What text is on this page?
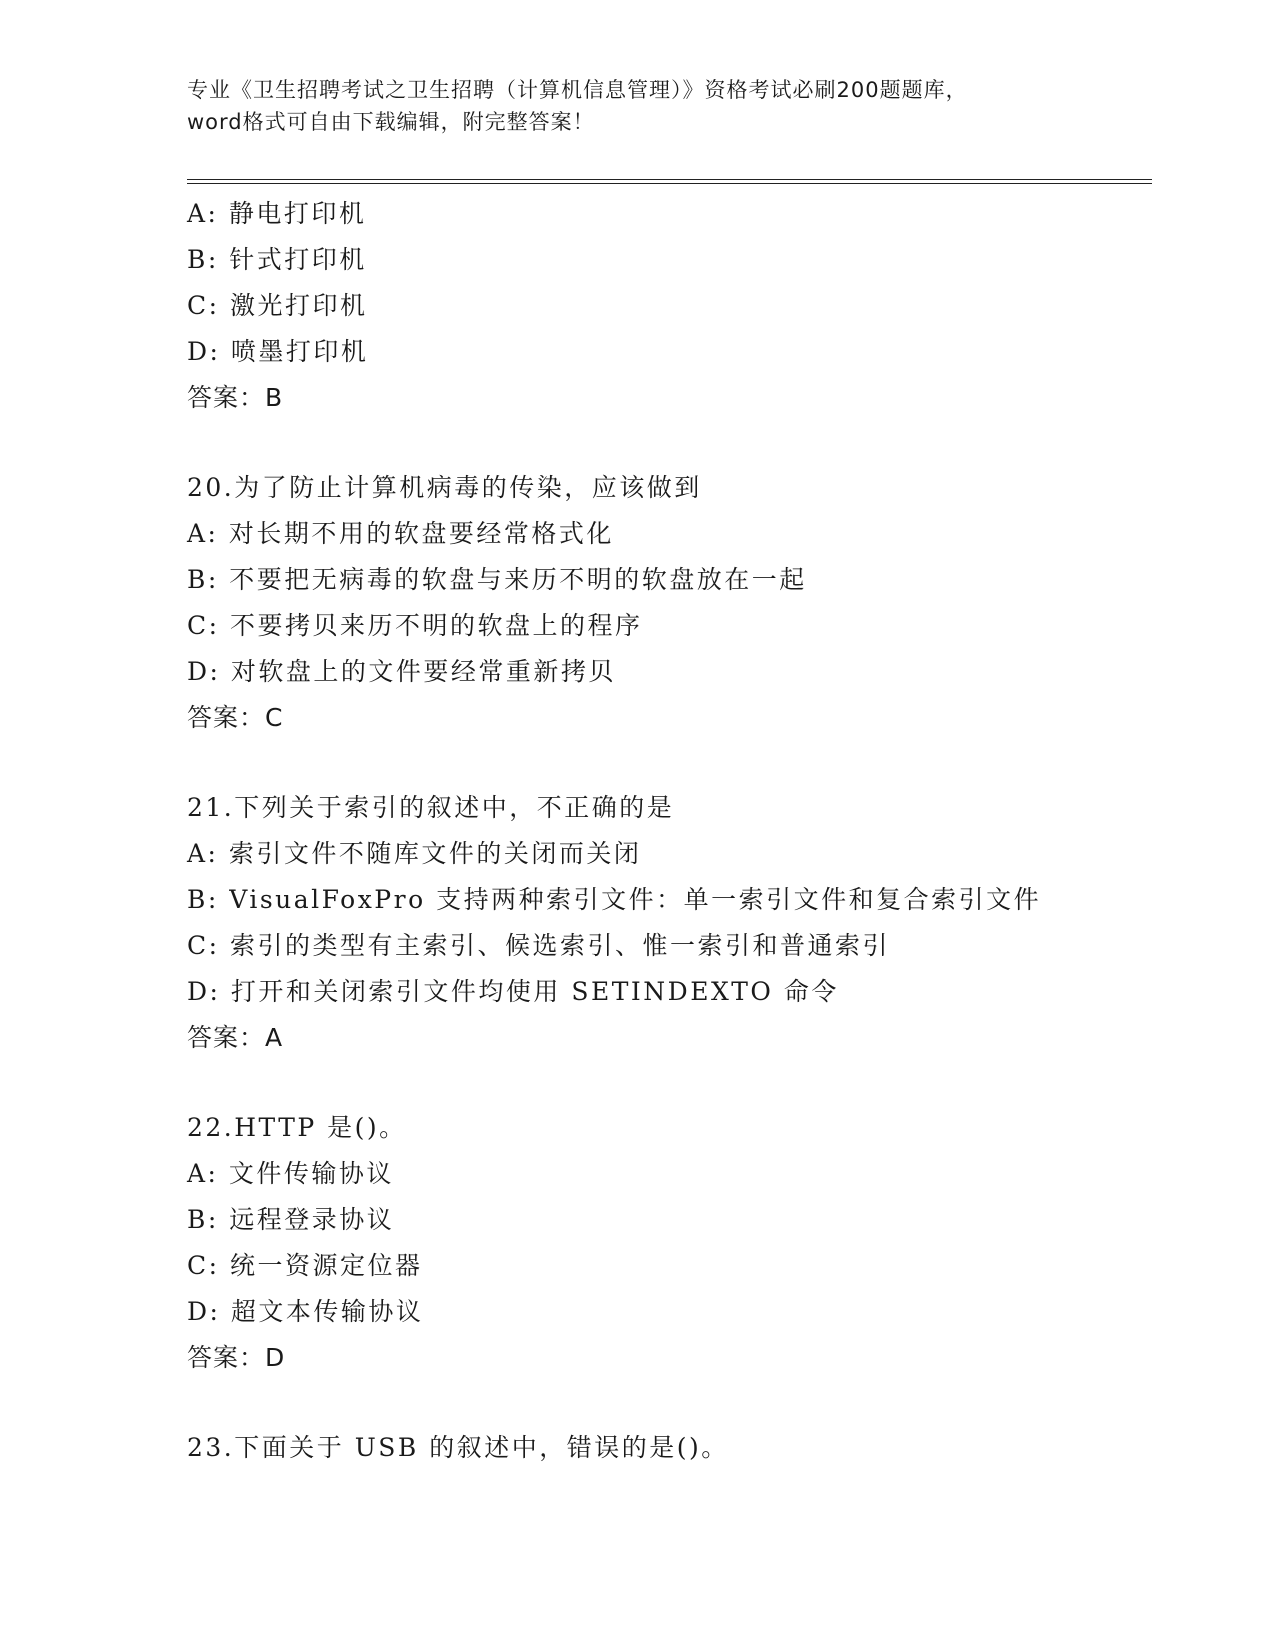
专业《卫生招聘考试之卫生招聘（计算机信息管理）》资格考试必刷200题题库，
word格式可自由下载编辑，附完整答案！
A: 静电打印机
B: 针式打印机
C: 激光打印机
D: 喷墨打印机
答案：B
20.为了防止计算机病毒的传染，应该做到
A: 对长期不用的软盘要经常格式化
B: 不要把无病毒的软盘与来历不明的软盘放在一起
C: 不要拷贝来历不明的软盘上的程序
D: 对软盘上的文件要经常重新拷贝
答案：C
21.下列关于索引的叙述中，不正确的是
A: 索引文件不随库文件的关闭而关闭
B: VisualFoxPro 支持两种索引文件：单一索引文件和复合索引文件
C: 索引的类型有主索引、候选索引、惟一索引和普通索引
D: 打开和关闭索引文件均使用 SETINDEXTO 命令
答案：A
22.HTTP 是()。
A: 文件传输协议
B: 远程登录协议
C: 统一资源定位器
D: 超文本传输协议
答案：D
23.下面关于 USB 的叙述中，错误的是()。
